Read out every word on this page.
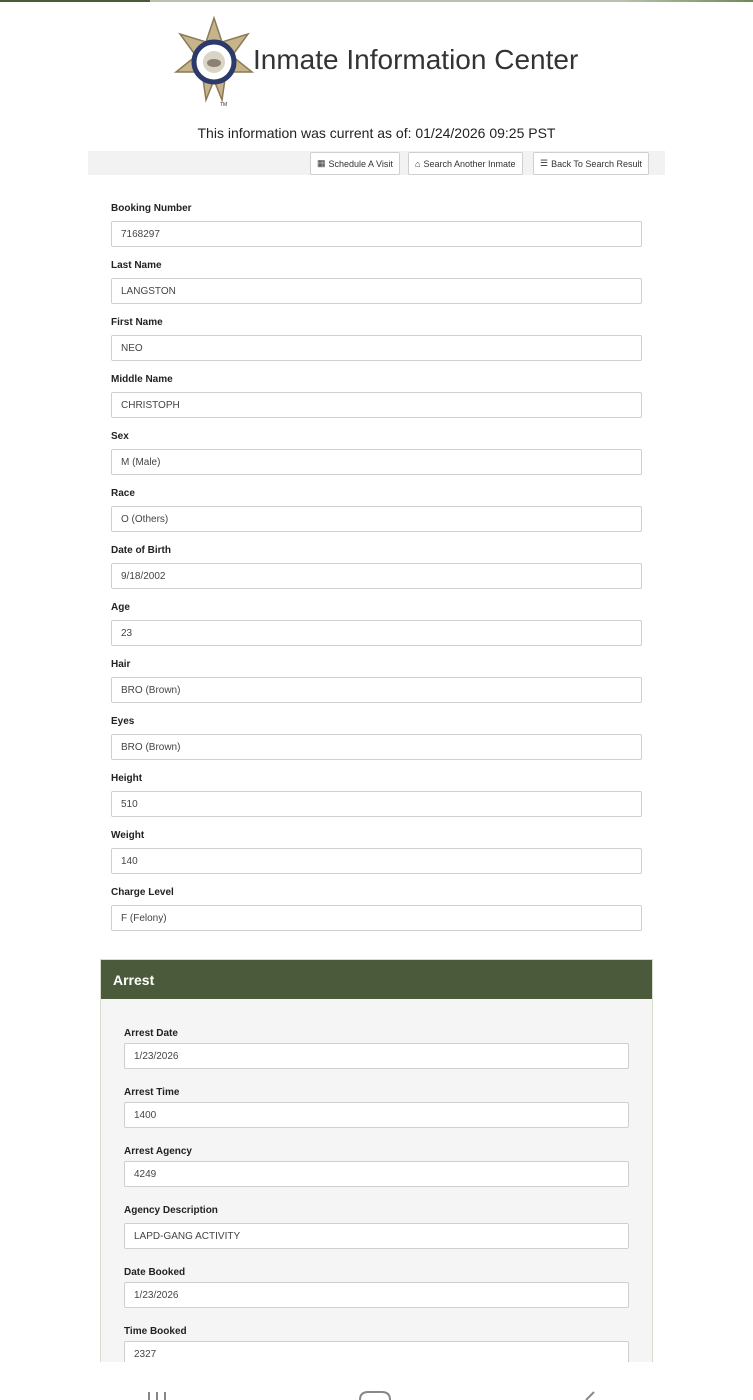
TM
Inmate Information Center
This information was current as of: 01/24/2026 09:25 PST
▦ Schedule A Visit ⌂ Search Another Inmate	☰ Back To Search Result
Booking Number
7168297
Last Name
LANGSTON
First Name
NEO
Middle Name
CHRISTOPH
Sex
M (Male)
Race
O (Others)
Date of Birth
9/18/2002
Age
23
Hair
BRO (Brown)
Eyes
BRO (Brown)
Height
510
Weight
140
Charge Level
F (Felony)
Arrest
Arrest Date
1/23/2026
Arrest Time
1400
Arrest Agency
4249
Agency Description
LAPD-GANG ACTIVITY
Date Booked
1/23/2026
Time Booked
2327
